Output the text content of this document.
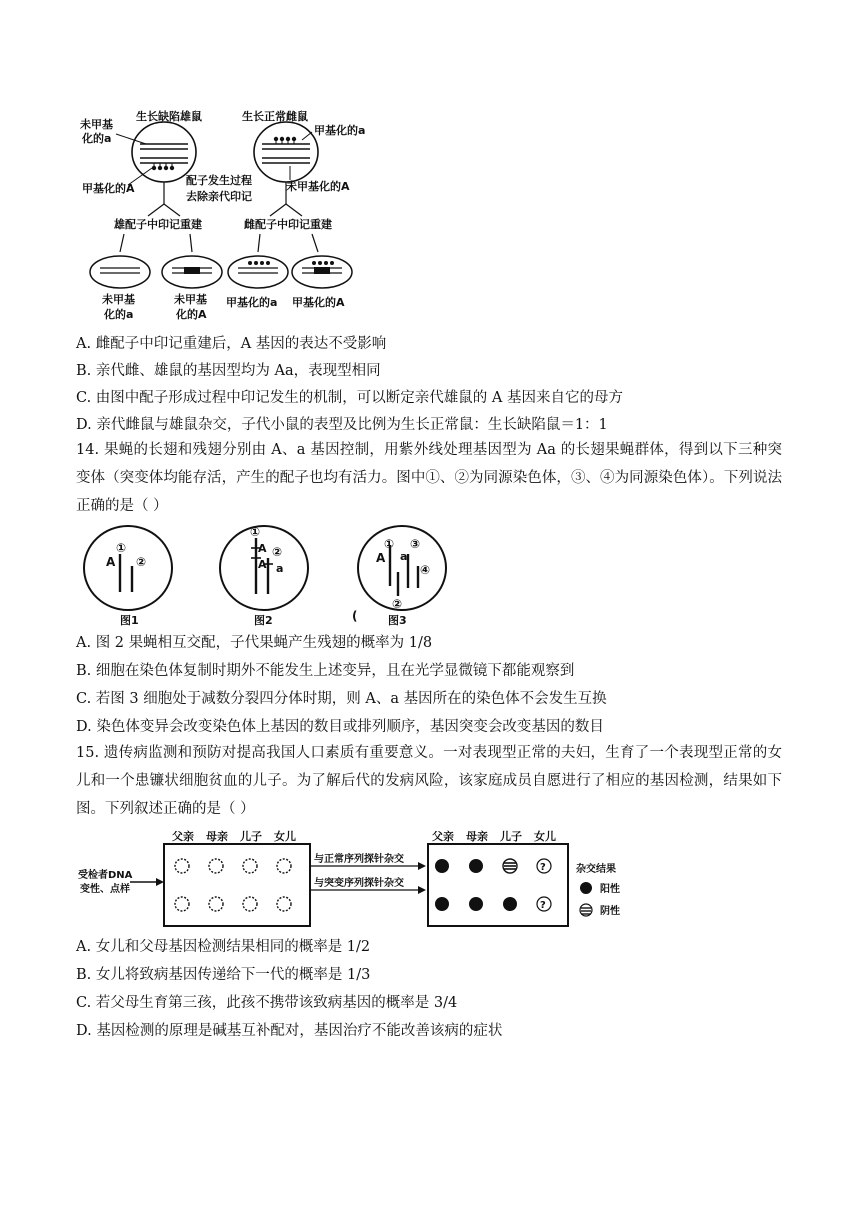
生长缺陷雄鼠
未甲基
化的a
甲基化的A
生长正常雌鼠
甲基化的a
配子发生过程
去除亲代印记
未甲基化的A
雄配子中印记重建	雌配子中印记重建
未甲基
化的a
未甲基
化的A
甲基化的a 甲基化的A
A. 雌配子中印记重建后，A 基因的表达不受影响
B. 亲代雌、雄鼠的基因型均为 Aa，表现型相同
C. 由图中配子形成过程中印记发生的机制，可以断定亲代雄鼠的 A 基因来自它的母方
D. 亲代雌鼠与雄鼠杂交，子代小鼠的表型及比例为生长正常鼠：生长缺陷鼠＝1：1
14. 果蝇的长翅和残翅分别由 A、a 基因控制，用紫外线处理基因型为 Aa 的长翅果蝇群体，得到以下三种突变体（突变体均能存活，产生的配子也均有活力。图中①、②为同源染色体，③、④为同源染色体）。下列说法正确的是（ ）
A
①
②
图1
①
A
A
②
a
图2	(
A
①
a
③
④
②
图3
A. 图 2 果蝇相互交配，子代果蝇产生残翅的概率为 1/8
B. 细胞在染色体复制时期外不能发生上述变异，且在光学显微镜下都能观察到
C. 若图 3 细胞处于减数分裂四分体时期，则 A、a 基因所在的染色体不会发生互换
D. 染色体变异会改变染色体上基因的数目或排列顺序，基因突变会改变基因的数目
15. 遗传病监测和预防对提高我国人口素质有重要意义。一对表现型正常的夫妇，生育了一个表现型正常的女儿和一个患镰状细胞贫血的儿子。为了解后代的发病风险，该家庭成员自愿进行了相应的基因检测，结果如下图。下列叙述正确的是（ ）
受检者DNA
变性、点样
父亲 母亲 儿子 女儿
与正常序列探针杂交
与突变序列探针杂交
父亲 母亲 儿子 女儿
?
?
杂交结果
阳性
阴性
A. 女儿和父母基因检测结果相同的概率是 1/2
B. 女儿将致病基因传递给下一代的概率是 1/3
C. 若父母生育第三孩，此孩不携带该致病基因的概率是 3/4
D. 基因检测的原理是碱基互补配对，基因治疗不能改善该病的症状
